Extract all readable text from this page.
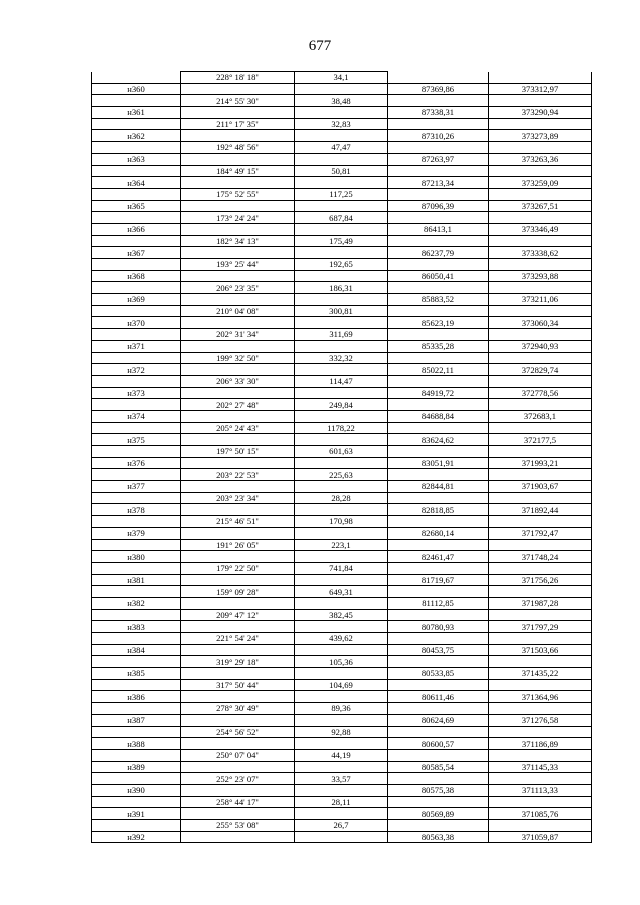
677
	228° 18' 18"	34,1		
н360			87369,86	373312,97
	214° 55' 30"	38,48		
н361			87338,31	373290,94
	211° 17' 35"	32,83		
н362			87310,26	373273,89
	192° 48' 56"	47,47		
н363			87263,97	373263,36
	184° 49' 15"	50,81		
н364			87213,34	373259,09
	175° 52' 55"	117,25		
н365			87096,39	373267,51
	173° 24' 24"	687,84		
н366			86413,1	373346,49
	182° 34' 13"	175,49		
н367			86237,79	373338,62
	193° 25' 44"	192,65		
н368			86050,41	373293,88
	206° 23' 35"	186,31		
н369			85883,52	373211,06
	210° 04' 08"	300,81		
н370			85623,19	373060,34
	202° 31' 34"	311,69		
н371			85335,28	372940,93
	199° 32' 50"	332,32		
н372			85022,11	372829,74
	206° 33' 30"	114,47		
н373			84919,72	372778,56
	202° 27' 48"	249,84		
н374			84688,84	372683,1
	205° 24' 43"	1178,22		
н375			83624,62	372177,5
	197° 50' 15"	601,63		
н376			83051,91	371993,21
	203° 22' 53"	225,63		
н377			82844,81	371903,67
	203° 23' 34"	28,28		
н378			82818,85	371892,44
	215° 46' 51"	170,98		
н379			82680,14	371792,47
	191° 26' 05"	223,1		
н380			82461,47	371748,24
	179° 22' 50"	741,84		
н381			81719,67	371756,26
	159° 09' 28"	649,31		
н382			81112,85	371987,28
	209° 47' 12"	382,45		
н383			80780,93	371797,29
	221° 54' 24"	439,62		
н384			80453,75	371503,66
	319° 29' 18"	105,36		
н385			80533,85	371435,22
	317° 50' 44"	104,69		
н386			80611,46	371364,96
	278° 30' 49"	89,36		
н387			80624,69	371276,58
	254° 56' 52"	92,88		
н388			80600,57	371186,89
	250° 07' 04"	44,19		
н389			80585,54	371145,33
	252° 23' 07"	33,57		
н390			80575,38	371113,33
	258° 44' 17"	28,11		
н391			80569,89	371085,76
	255° 53' 08"	26,7		
н392			80563,38	371059,87
